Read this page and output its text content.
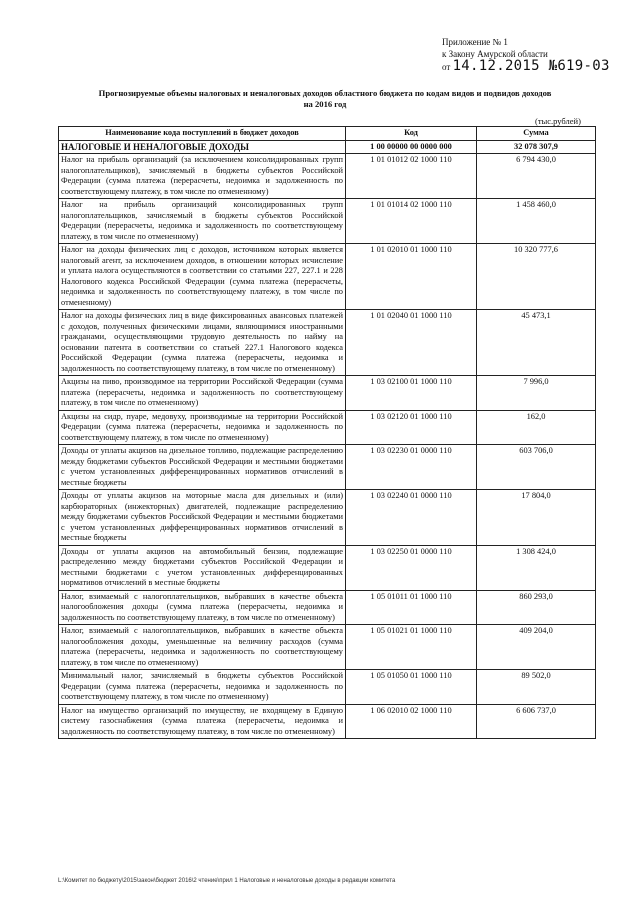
Приложение № 1
к Закону Амурской области
от 14.12.2015 №619-03
Прогнозируемые объемы налоговых и неналоговых доходов областного бюджета по кодам видов и подвидов доходов
на 2016 год
(тыс.рублей)
Наименование кода поступлений в бюджет доходов	Код	Сумма
НАЛОГОВЫЕ И НЕНАЛОГОВЫЕ ДОХОДЫ	1 00 00000 00 0000 000	32 078 307,9
Налог на прибыль организаций (за исключением консолидированных групп налогоплательщиков), зачисляемый в бюджеты субъектов Российской Федерации (сумма платежа (перерасчеты, недоимка и задолженность по соответствующему платежу, в том числе по отмененному)	1 01 01012 02 1000 110	6 794 430,0
Налог на прибыль организаций консолидированных групп налогоплательщиков, зачисляемый в бюджеты субъектов Российской Федерации (перерасчеты, недоимка и задолженность по соответствующему платежу, в том числе по отмененному)	1 01 01014 02 1000 110	1 458 460,0
Налог на доходы физических лиц с доходов, источником которых является налоговый агент, за исключением доходов, в отношении которых исчисление и уплата налога осуществляются в соответствии со статьями 227, 227.1 и 228 Налогового кодекса Российской Федерации (сумма платежа (перерасчеты, недоимка и задолженность по соответствующему платежу, в том числе по отмененному)	1 01 02010 01 1000 110	10 320 777,6
Налог на доходы физических лиц в виде фиксированных авансовых платежей с доходов, полученных физическими лицами, являющимися иностранными гражданами, осуществляющими трудовую деятельность по найму на основании патента в соответствии со статьей 227.1 Налогового кодекса Российской Федерации (сумма платежа (перерасчеты, недоимка и задолженность по соответствующему платежу, в том числе по отмененному)	1 01 02040 01 1000 110	45 473,1
Акцизы на пиво, производимое на территории Российской Федерации (сумма платежа (перерасчеты, недоимка и задолженность по соответствующему платежу, в том числе по отмененному)	1 03 02100 01 1000 110	7 996,0
Акцизы на сидр, пуаре, медовуху, производимые на территории Российской Федерации (сумма платежа (перерасчеты, недоимка и задолженность по соответствующему платежу, в том числе по отмененному)	1 03 02120 01 1000 110	162,0
Доходы от уплаты акцизов на дизельное топливо, подлежащие распределению между бюджетами субъектов Российской Федерации и местными бюджетами с учетом установленных дифференцированных нормативов отчислений в местные бюджеты	1 03 02230 01 0000 110	603 706,0
Доходы от уплаты акцизов на моторные масла для дизельных и (или) карбюраторных (инжекторных) двигателей, подлежащие распределению между бюджетами субъектов Российской Федерации и местными бюджетами с учетом установленных дифференцированных нормативов отчислений в местные бюджеты	1 03 02240 01 0000 110	17 804,0
Доходы от уплаты акцизов на автомобильный бензин, подлежащие распределению между бюджетами субъектов Российской Федерации и местными бюджетами с учетом установленных дифференцированных нормативов отчислений в местные бюджеты	1 03 02250 01 0000 110	1 308 424,0
Налог, взимаемый с налогоплательщиков, выбравших в качестве объекта налогообложения доходы (сумма платежа (перерасчеты, недоимка и задолженность по соответствующему платежу, в том числе по отмененному)	1 05 01011 01 1000 110	860 293,0
Налог, взимаемый с налогоплательщиков, выбравших в качестве объекта налогообложения доходы, уменьшенные на величину расходов (сумма платежа (перерасчеты, недоимка и задолженность по соответствующему платежу, в том числе по отмененному)	1 05 01021 01 1000 110	409 204,0
Минимальный налог, зачисляемый в бюджеты субъектов Российской Федерации (сумма платежа (перерасчеты, недоимка и задолженность по соответствующему платежу, в том числе по отмененному)	1 05 01050 01 1000 110	89 502,0
Налог на имущество организаций по имуществу, не входящему в Единую систему газоснабжения (сумма платежа (перерасчеты, недоимка и задолженность по соответствующему платежу, в том числе по отмененному)	1 06 02010 02 1000 110	6 606 737,0
L:\Комитет по бюджету\2015\закон\бюджет 2016\2 чтение\прил 1 Налоговые и неналоговые доходы в редакции комитета
